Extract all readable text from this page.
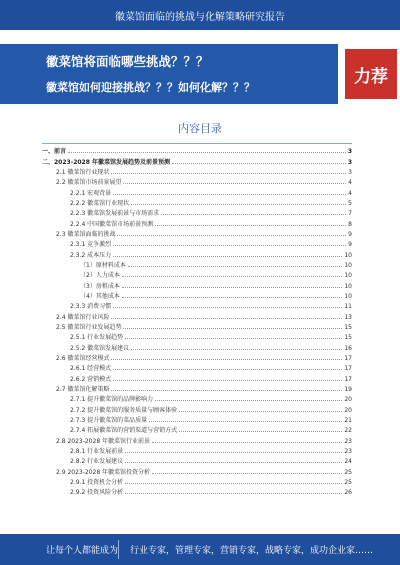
徽菜馆面临的挑战与化解策略研究报告
徽菜馆将面临哪些挑战？？？
徽菜馆如何迎接挑战？？？如何化解？？？
力荐
内容目录
一、前言	3
二、2023-2028 年徽菜馆发展趋势及前景预测	3
2.1 徽菜馆行业现状	3
2.2 徽菜馆市场前景展望	4
2.2.1 宏观背景	4
2.2.2 徽菜馆行业现状	5
2.2.3 徽菜馆发展前景与市场需求	7
2.2.4 中国徽菜馆市场前景预测	8
2.3 徽菜馆面临的挑战	9
2.3.1 竞争激烈	9
2.3.2 成本压力	10
（1）原材料成本	10
（2）人力成本	10
（3）房租成本	10
（4）其他成本	10
2.3.3 消费习惯	11
2.4 徽菜馆行业风险	13
2.5 徽菜馆行业发展趋势	15
2.5.1 行业发展趋势	15
2.5.2 徽菜馆发展建议	16
2.6 徽菜馆经营模式	17
2.6.1 经营模式	17
2.6.2 营销模式	17
2.7 徽菜馆化解策略	19
2.7.1 提升徽菜馆的品牌影响力	20
2.7.2 提升徽菜馆的服务质量与顾客体验	20
2.7.3 提升徽菜馆的菜品质量	21
2.7.4 拓展徽菜馆的营销渠道与营销方式	22
2.8 2023-2028 年徽菜馆行业前景	23
2.8.1 行业发展前景	23
2.8.2 行业发展建议	24
2.9 2023-2028 年徽菜馆投资分析	25
2.9.1 投资机会分析	25
2.9.2 投资风险分析	26
让每个人都能成为 行业专家，管理专家，营销专家，战略专家，成功企业家……
